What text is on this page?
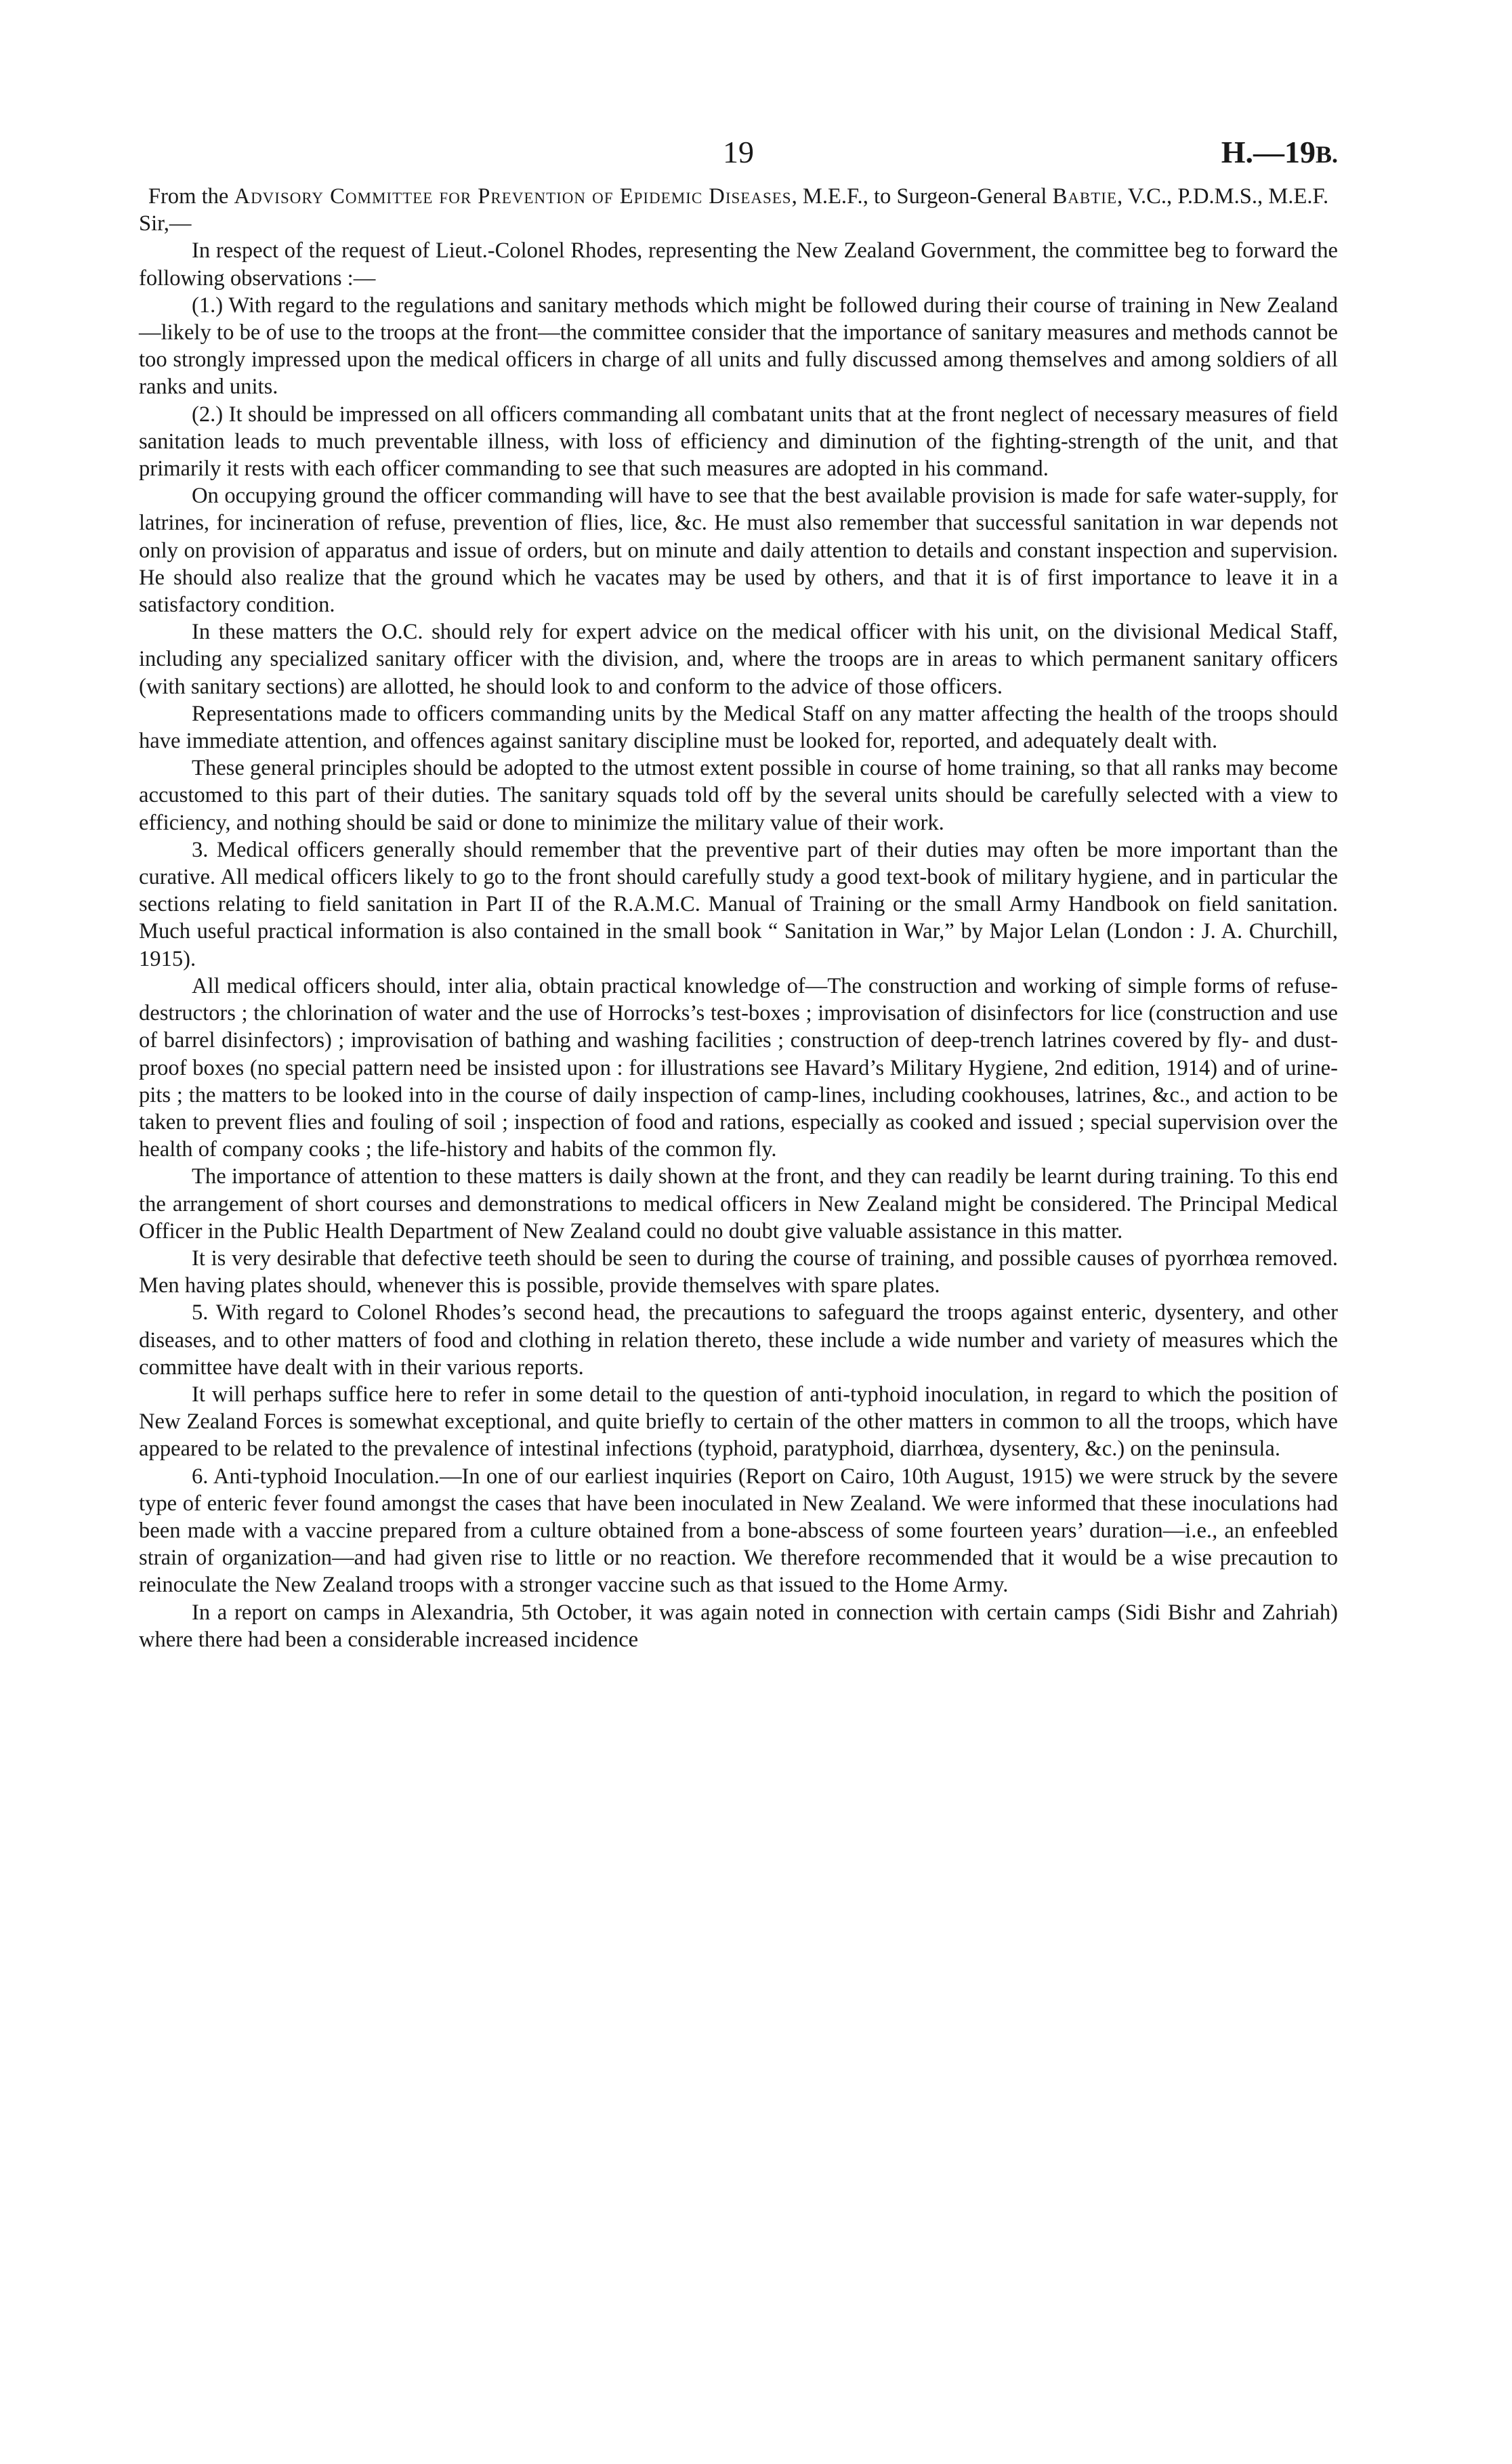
19	H.—19B.

From the Advisory Committee for Prevention of Epidemic Diseases, M.E.F., to Surgeon-General Babtie, V.C., P.D.M.S., M.E.F.

Sir,—

In respect of the request of Lieut.-Colonel Rhodes, representing the New Zealand Government, the committee beg to forward the following observations :—

(1.) With regard to the regulations and sanitary methods which might be followed during their course of training in New Zealand—likely to be of use to the troops at the front—the committee consider that the importance of sanitary measures and methods cannot be too strongly impressed upon the medical officers in charge of all units and fully discussed among themselves and among soldiers of all ranks and units.

(2.) It should be impressed on all officers commanding all combatant units that at the front neglect of necessary measures of field sanitation leads to much preventable illness, with loss of efficiency and diminution of the fighting-strength of the unit, and that primarily it rests with each officer commanding to see that such measures are adopted in his command.

On occupying ground the officer commanding will have to see that the best available provision is made for safe water-supply, for latrines, for incineration of refuse, prevention of flies, lice, &c. He must also remember that successful sanitation in war depends not only on provision of apparatus and issue of orders, but on minute and daily attention to details and constant inspection and supervision. He should also realize that the ground which he vacates may be used by others, and that it is of first importance to leave it in a satisfactory condition.

In these matters the O.C. should rely for expert advice on the medical officer with his unit, on the divisional Medical Staff, including any specialized sanitary officer with the division, and, where the troops are in areas to which permanent sanitary officers (with sanitary sections) are allotted, he should look to and conform to the advice of those officers.

Representations made to officers commanding units by the Medical Staff on any matter affecting the health of the troops should have immediate attention, and offences against sanitary discipline must be looked for, reported, and adequately dealt with.

These general principles should be adopted to the utmost extent possible in course of home training, so that all ranks may become accustomed to this part of their duties. The sanitary squads told off by the several units should be carefully selected with a view to efficiency, and nothing should be said or done to minimize the military value of their work.

3. Medical officers generally should remember that the preventive part of their duties may often be more important than the curative. All medical officers likely to go to the front should carefully study a good text-book of military hygiene, and in particular the sections relating to field sanitation in Part II of the R.A.M.C. Manual of Training or the small Army Handbook on field sanitation. Much useful practical information is also contained in the small book “ Sanitation in War,” by Major Lelan (London : J. A. Churchill, 1915).

All medical officers should, inter alia, obtain practical knowledge of—The construction and working of simple forms of refuse-destructors ; the chlorination of water and the use of Horrocks’s test-boxes ; improvisation of disinfectors for lice (construction and use of barrel disinfectors) ; improvisation of bathing and washing facilities ; construction of deep-trench latrines covered by fly- and dust-proof boxes (no special pattern need be insisted upon : for illustrations see Havard’s Military Hygiene, 2nd edition, 1914) and of urine-pits ; the matters to be looked into in the course of daily inspection of camp-lines, including cookhouses, latrines, &c., and action to be taken to prevent flies and fouling of soil ; inspection of food and rations, especially as cooked and issued ; special supervision over the health of company cooks ; the life-history and habits of the common fly.

The importance of attention to these matters is daily shown at the front, and they can readily be learnt during training. To this end the arrangement of short courses and demonstrations to medical officers in New Zealand might be considered. The Principal Medical Officer in the Public Health Department of New Zealand could no doubt give valuable assistance in this matter.

It is very desirable that defective teeth should be seen to during the course of training, and possible causes of pyorrhœa removed. Men having plates should, whenever this is possible, provide themselves with spare plates.

5. With regard to Colonel Rhodes’s second head, the precautions to safeguard the troops against enteric, dysentery, and other diseases, and to other matters of food and clothing in relation thereto, these include a wide number and variety of measures which the committee have dealt with in their various reports.

It will perhaps suffice here to refer in some detail to the question of anti-typhoid inoculation, in regard to which the position of New Zealand Forces is somewhat exceptional, and quite briefly to certain of the other matters in common to all the troops, which have appeared to be related to the prevalence of intestinal infections (typhoid, paratyphoid, diarrhœa, dysentery, &c.) on the peninsula.

6. Anti-typhoid Inoculation.—In one of our earliest inquiries (Report on Cairo, 10th August, 1915) we were struck by the severe type of enteric fever found amongst the cases that have been inoculated in New Zealand. We were informed that these inoculations had been made with a vaccine prepared from a culture obtained from a bone-abscess of some fourteen years’ duration—i.e., an enfeebled strain of organization—and had given rise to little or no reaction. We therefore recommended that it would be a wise precaution to reinoculate the New Zealand troops with a stronger vaccine such as that issued to the Home Army.

In a report on camps in Alexandria, 5th October, it was again noted in connection with certain camps (Sidi Bishr and Zahriah) where there had been a considerable increased incidence
